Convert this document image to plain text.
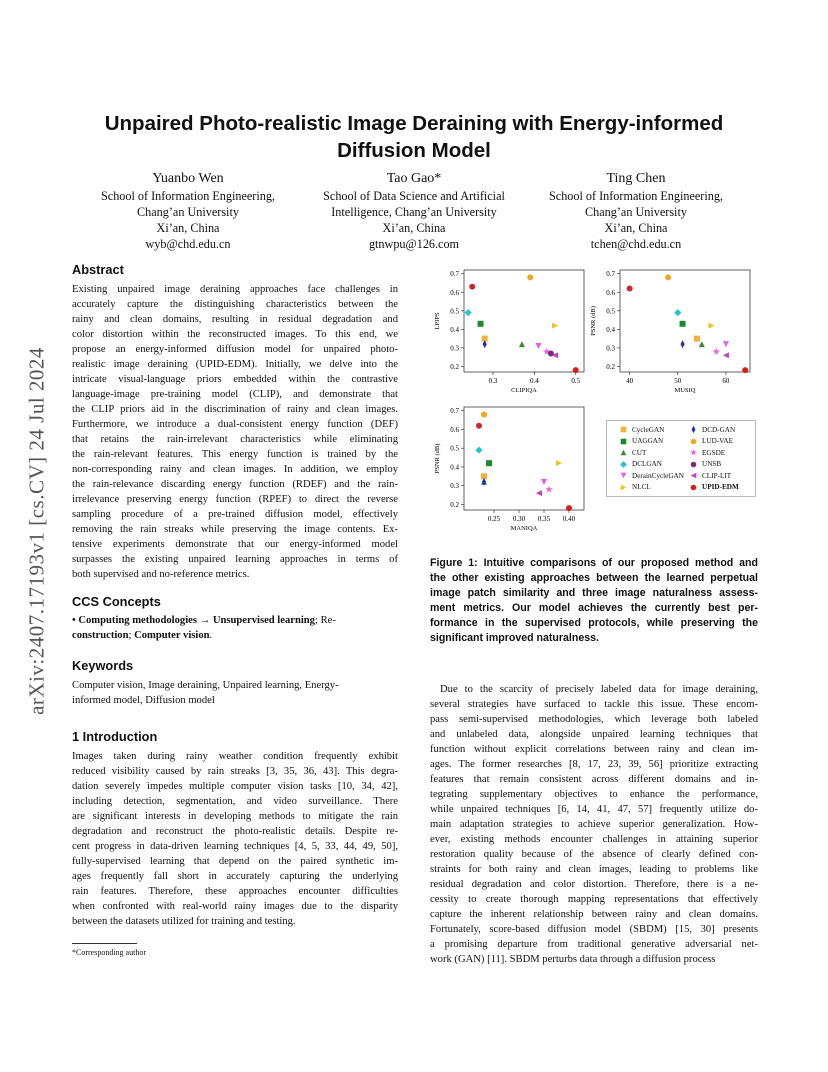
arXiv:2407.17193v1 [cs.CV] 24 Jul 2024
Unpaired Photo-realistic Image Deraining with Energy-informed
Diffusion Model
Yuanbo Wen
School of Information Engineering,
Chang’an University
Xi’an, China
wyb@chd.edu.cn
Tao Gao*
School of Data Science and Artificial
Intelligence, Chang’an University
Xi’an, China
gtnwpu@126.com
Ting Chen
School of Information Engineering,
Chang’an University
Xi’an, China
tchen@chd.edu.cn
Abstract
Existing unpaired image deraining approaches face challenges in
accurately capture the distinguishing characteristics between the
rainy and clean domains, resulting in residual degradation and
color distortion within the reconstructed images. To this end, we
propose an energy-informed diffusion model for unpaired photo-
realistic image deraining (UPID-EDM). Initially, we delve into the
intricate visual-language priors embedded within the contrastive
language-image pre-training model (CLIP), and demonstrate that
the CLIP priors aid in the discrimination of rainy and clean images.
Furthermore, we introduce a dual-consistent energy function (DEF)
that retains the rain-irrelevant characteristics while eliminating
the rain-relevant features. This energy function is trained by the
non-corresponding rainy and clean images. In addition, we employ
the rain-relevance discarding energy function (RDEF) and the rain-
irrelevance preserving energy function (RPEF) to direct the reverse
sampling procedure of a pre-trained diffusion model, effectively
removing the rain streaks while preserving the image contents. Ex-
tensive experiments demonstrate that our energy-informed model
surpasses the existing unpaired learning approaches in terms of
both supervised and no-reference metrics.
CCS Concepts
• Computing methodologies → Unsupervised learning; Re-
construction; Computer vision.
Keywords
Computer vision, Image deraining, Unpaired learning, Energy-
informed model, Diffusion model
1 Introduction
Images taken during rainy weather condition frequently exhibit
reduced visibility caused by rain streaks [3, 35, 36, 43]. This degra-
dation severely impedes multiple computer vision tasks [10, 34, 42],
including detection, segmentation, and video surveillance. There
are significant interests in developing methods to mitigate the rain
degradation and reconstruct the photo-realistic details. Despite re-
cent progress in data-driven learning techniques [4, 5, 33, 44, 49, 50],
fully-supervised learning that depend on the paired synthetic im-
ages frequently fall short in accurately capturing the underlying
rain features. Therefore, these approaches encounter difficulties
when confronted with real-world rainy images due to the disparity
between the datasets utilized for training and testing.
*Corresponding author
0.2
0.3
0.4
0.5
0.6
0.7
0.3	0.4	0.5
CLIPIQA
LPIPS
0.2
0.3
0.4
0.5
0.6
0.7
40	50	60
MUSIQ
PSNR (dB)
0.2
0.3
0.4
0.5
0.6
0.7
0.25 0.30 0.35 0.40
MANIQA
PSNR (dB)
CycleGAN
UAGGAN
CUT
DCLGAN
DerainCycleGAN
NLCL
DCD-GAN
LUD-VAE
EGSDE
UNSB
CLIP-LIT
UPID-EDM
Figure 1: Intuitive comparisons of our proposed method and
the other existing approaches between the learned perpetual
image patch similarity and three image naturalness assess-
ment metrics. Our model achieves the currently best per-
formance in the supervised protocols, while preserving the
significant improved naturalness.
Due to the scarcity of precisely labeled data for image deraining,
several strategies have surfaced to tackle this issue. These encom-
pass semi-supervised methodologies, which leverage both labeled
and unlabeled data, alongside unpaired learning techniques that
function without explicit correlations between rainy and clean im-
ages. The former researches [8, 17, 23, 39, 56] prioritize extracting
features that remain consistent across different domains and in-
tegrating supplementary objectives to enhance the performance,
while unpaired techniques [6, 14, 41, 47, 57] frequently utilize do-
main adaptation strategies to achieve superior generalization. How-
ever, existing methods encounter challenges in attaining superior
restoration quality because of the absence of clearly defined con-
straints for both rainy and clean images, leading to problems like
residual degradation and color distortion. Therefore, there is a ne-
cessity to create thorough mapping representations that effectively
capture the inherent relationship between rainy and clean domains.
Fortunately, score-based diffusion model (SBDM) [15, 30] presents
a promising departure from traditional generative adversarial net-
work (GAN) [11]. SBDM perturbs data through a diffusion process
